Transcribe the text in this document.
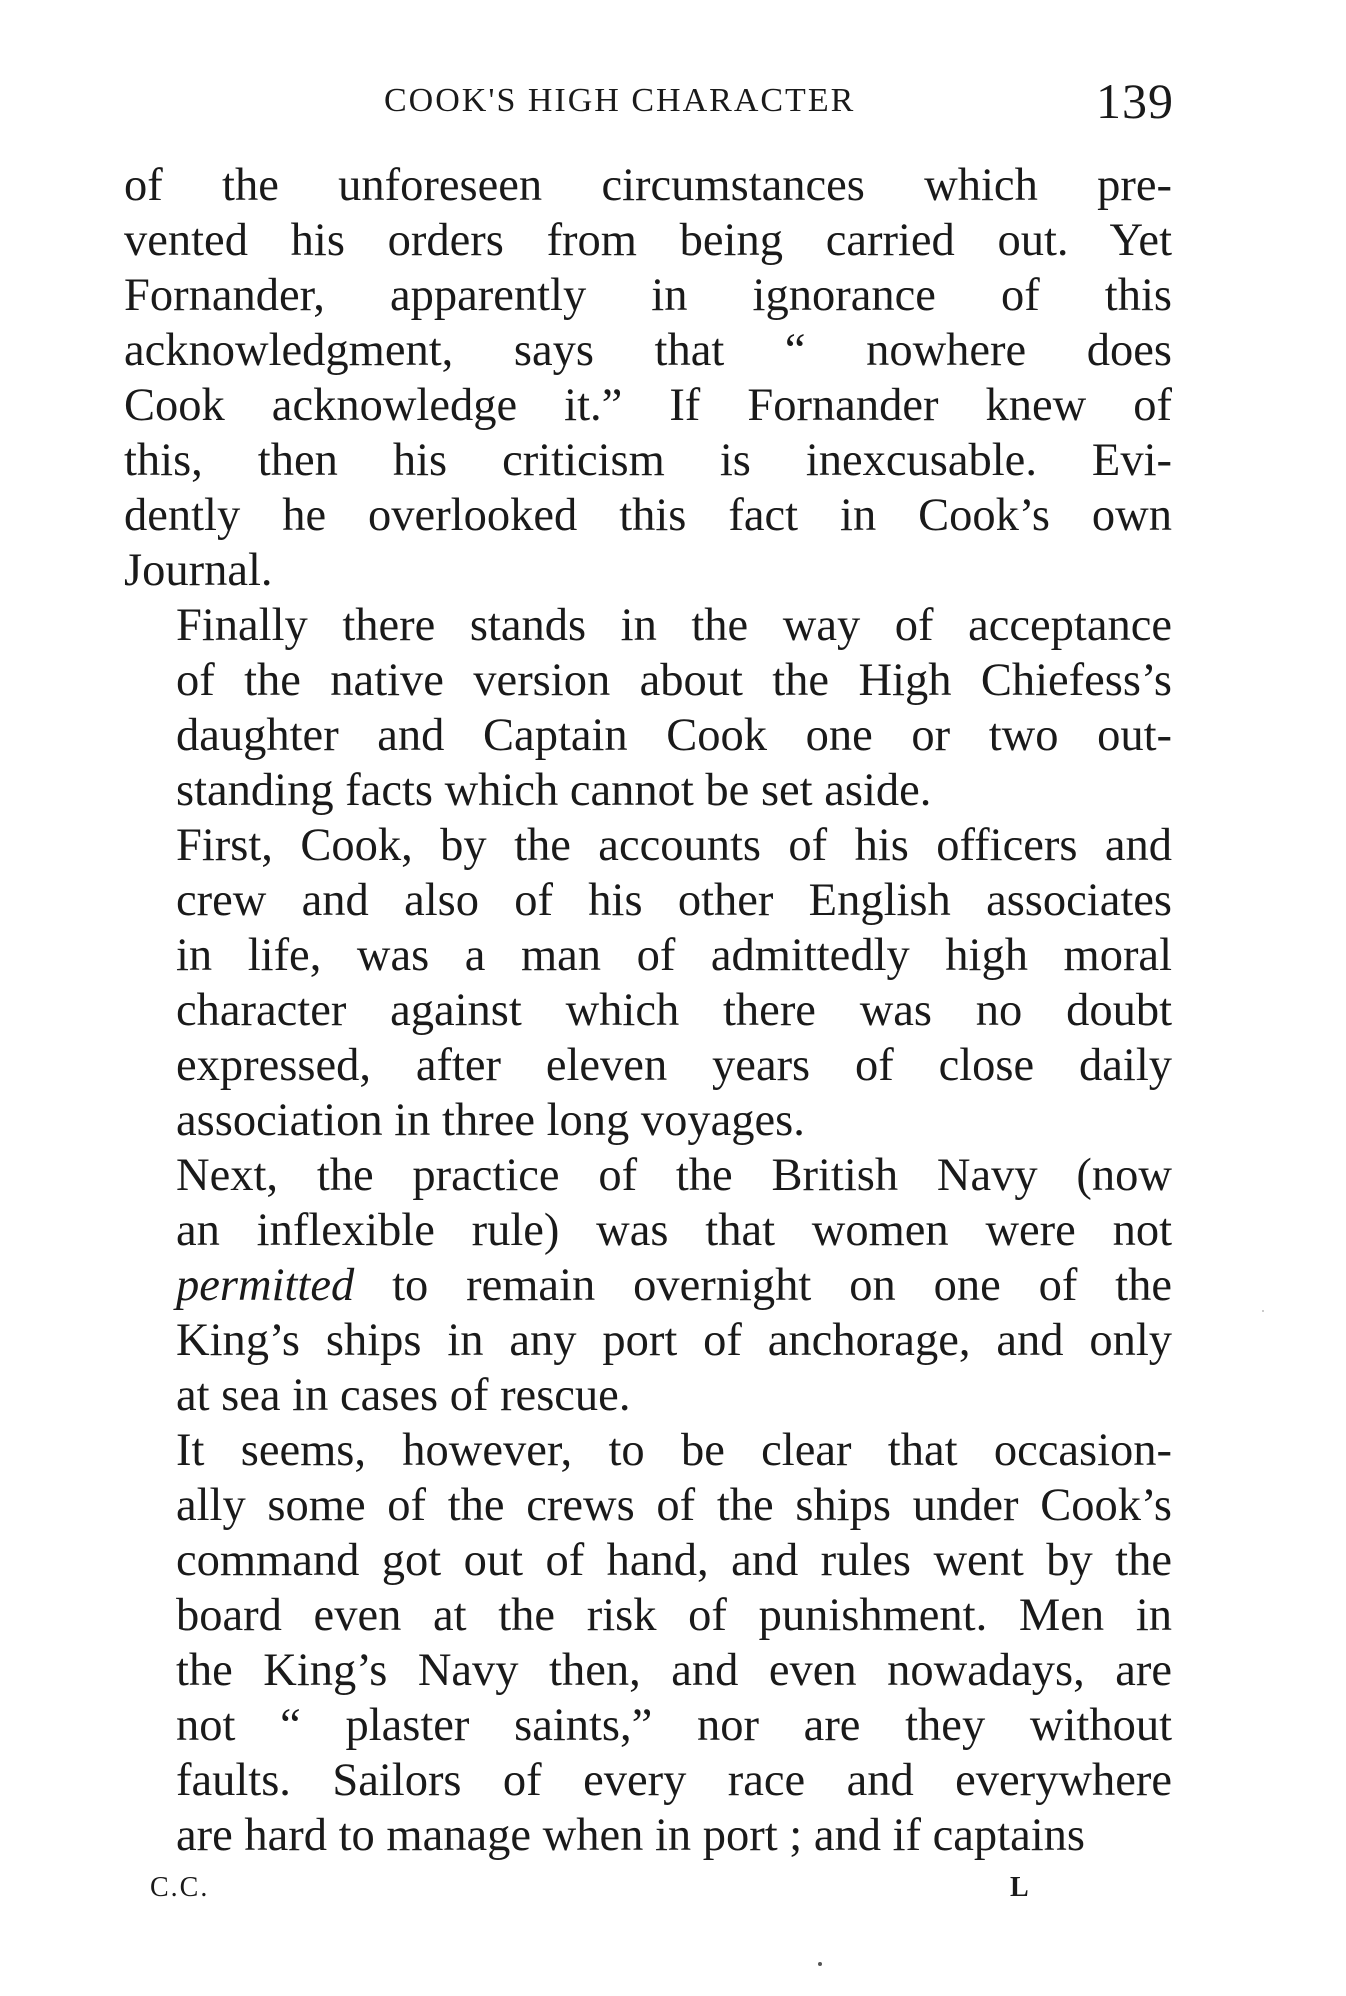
COOK'S HIGH CHARACTER	139
of the unforeseen circumstances which pre-
vented his orders from being carried out. Yet
Fornander, apparently in ignorance of this
acknowledgment, says that “ nowhere does
Cook acknowledge it.” If Fornander knew of
this, then his criticism is inexcusable. Evi-
dently he overlooked this fact in Cook’s own
Journal.
Finally there stands in the way of acceptance
of the native version about the High Chiefess’s
daughter and Captain Cook one or two out-
standing facts which cannot be set aside.
First, Cook, by the accounts of his officers and
crew and also of his other English associates
in life, was a man of admittedly high moral
character against which there was no doubt
expressed, after eleven years of close daily
association in three long voyages.
Next, the practice of the British Navy (now
an inflexible rule) was that women were not
permitted to remain overnight on one of the
King’s ships in any port of anchorage, and only
at sea in cases of rescue.
It seems, however, to be clear that occasion-
ally some of the crews of the ships under Cook’s
command got out of hand, and rules went by the
board even at the risk of punishment. Men in
the King’s Navy then, and even nowadays, are
not “ plaster saints,” nor are they without
faults. Sailors of every race and everywhere
are hard to manage when in port ; and if captains
C.C.	L
